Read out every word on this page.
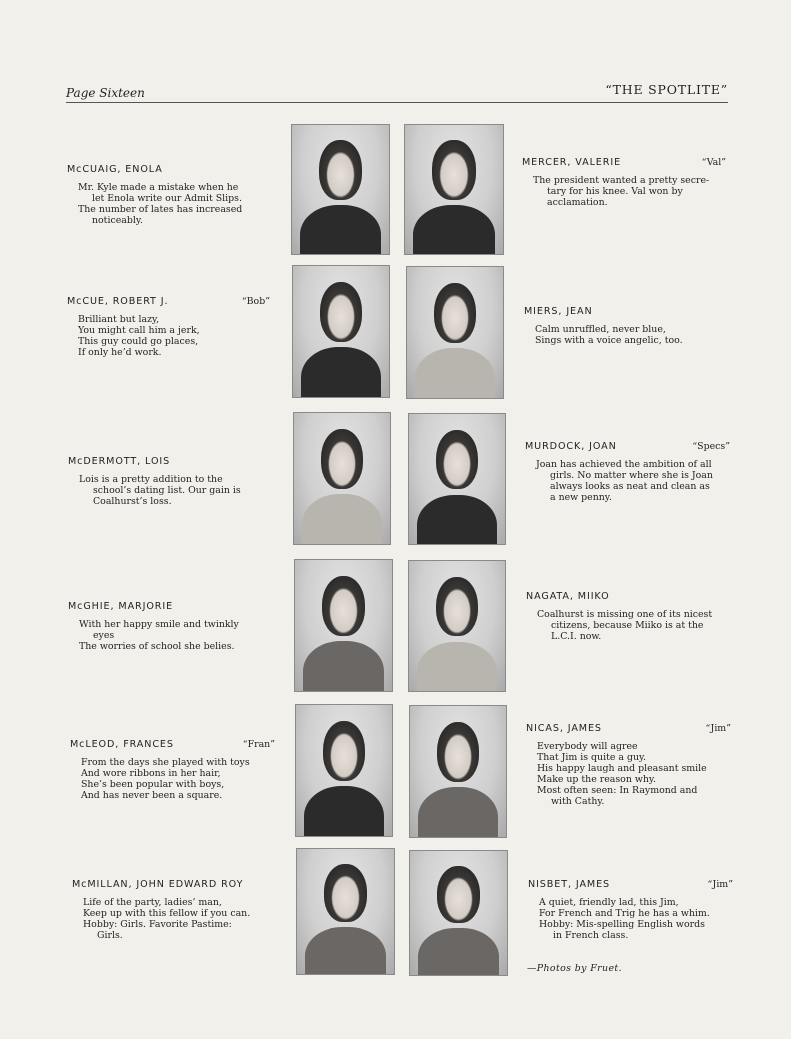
Page Sixteen	“THE SPOTLITE”
McCUAIG, ENOLA
Mr. Kyle made a mistake when he
let Enola write our Admit Slips.
The number of lates has increased
noticeably.
McCUE, ROBERT J.	“Bob”
Brilliant but lazy,
You might call him a jerk,
This guy could go places,
If only he’d work.
McDERMOTT, LOIS
Lois is a pretty addition to the
school’s dating list. Our gain is
Coalhurst’s loss.
McGHIE, MARJORIE
With her happy smile and twinkly
eyes
The worries of school she belies.
McLEOD, FRANCES	“Fran”
From the days she played with toys
And wore ribbons in her hair,
She’s been popular with boys,
And has never been a square.
McMILLAN, JOHN EDWARD ROY
Life of the party, ladies’ man,
Keep up with this fellow if you can.
Hobby: Girls. Favorite Pastime:
Girls.
MERCER, VALERIE	“Val”
The president wanted a pretty secre-
tary for his knee. Val won by
acclamation.
MIERS, JEAN
Calm unruffled, never blue,
Sings with a voice angelic, too.
MURDOCK, JOAN	“Specs”
Joan has achieved the ambition of all
girls. No matter where she is Joan
always looks as neat and clean as
a new penny.
NAGATA, MIIKO
Coalhurst is missing one of its nicest
citizens, because Miiko is at the
L.C.I. now.
NICAS, JAMES	“Jim”
Everybody will agree
That Jim is quite a guy.
His happy laugh and pleasant smile
Make up the reason why.
Most often seen: In Raymond and
with Cathy.
NISBET, JAMES	“Jim”
A quiet, friendly lad, this Jim,
For French and Trig he has a whim.
Hobby: Mis-spelling English words
in French class.
—Photos by Fruet.
